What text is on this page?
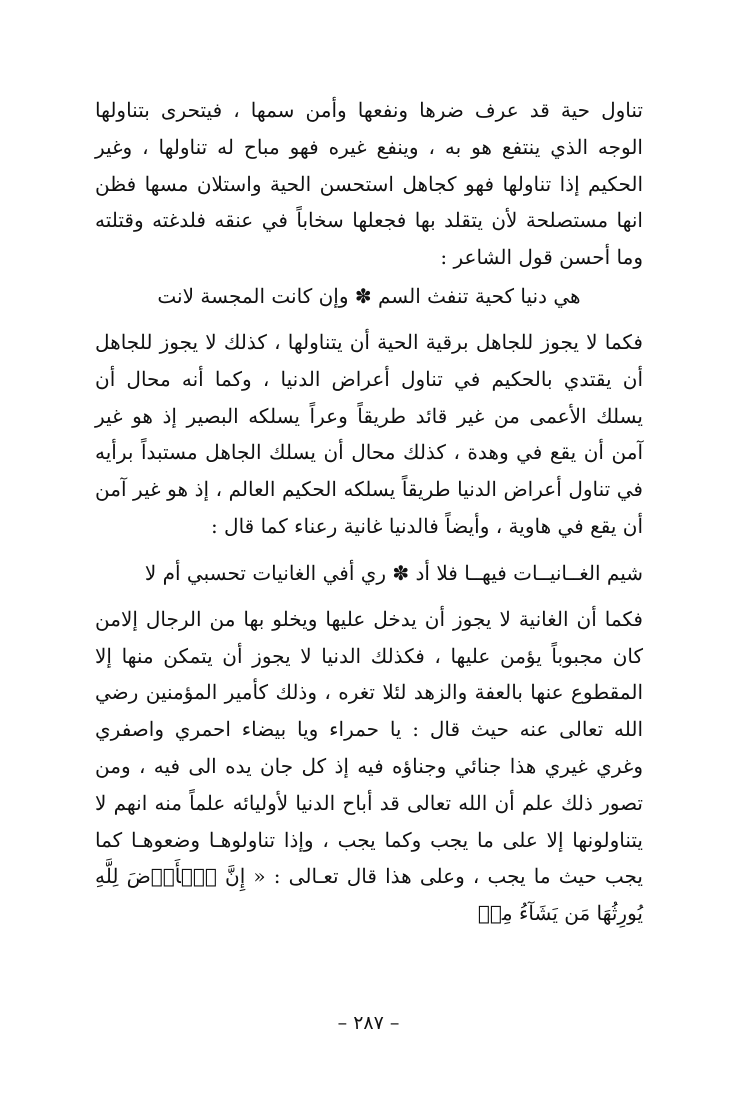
تناول حية قد عرف ضرها ونفعها وأمن سمها ، فيتحرى بتناولها الوجه الذي ينتفع هو به ، وينفع غيره فهو مباح له تناولها ، وغير الحكيم إذا تناولها فهو كجاهل استحسن الحية واستلان مسها فظن انها مستصلحة لأن يتقلد بها فجعلها سخاباً في عنقه فلدغته وقتلته وما أحسن قول الشاعر :

هي دنيا كحية تنفث السم ✽ وإن كانت المجسة لانت

فكما لا يجوز للجاهل برقية الحية أن يتناولها ، كذلك لا يجوز للجاهل أن يقتدي بالحكيم في تناول أعراض الدنيا ، وكما أنه محال أن يسلك الأعمى من غير قائد طريقاً وعراً يسلكه البصير إذ هو غير آمن أن يقع في وهدة ، كذلك محال أن يسلك الجاهل مستبداً برأيه في تناول أعراض الدنيا طريقاً يسلكه الحكيم العالم ، إذ هو غير آمن أن يقع في هاوية ، وأيضاً فالدنيا غانية رعناء كما قال :

شيم الغــانيــات فيهــا فلا أد ✽ ري أفي الغانيات تحسبي أم لا

فكما أن الغانية لا يجوز أن يدخل عليها ويخلو بها من الرجال إلامن كان مجبوباً يؤمن عليها ، فكذلك الدنيا لا يجوز أن يتمكن منها إلا المقطوع عنها بالعفة والزهد لئلا تغره ، وذلك كأمير المؤمنين رضي الله تعالى عنه حيث قال : يا حمراء ويا بيضاء احمري واصفري وغري غيري هذا جنائي وجناؤه فيه إذ كل جان يده الى فيه ، ومن تصور ذلك علم أن الله تعالى قد أباح الدنيا لأوليائه علماً منه انهم لا يتناولونها إلا على ما يجب وكما يجب ، وإذا تناولوهـا وضعوهـا كما يجب حيث ما يجب ، وعلى هذا قال تعـالى : « إِنَّ ٱلۡأَرۡضَ لِلَّهِ يُورِثُهَا مَن يَشَآءُ مِنۡ

– ٢٨٧ –
